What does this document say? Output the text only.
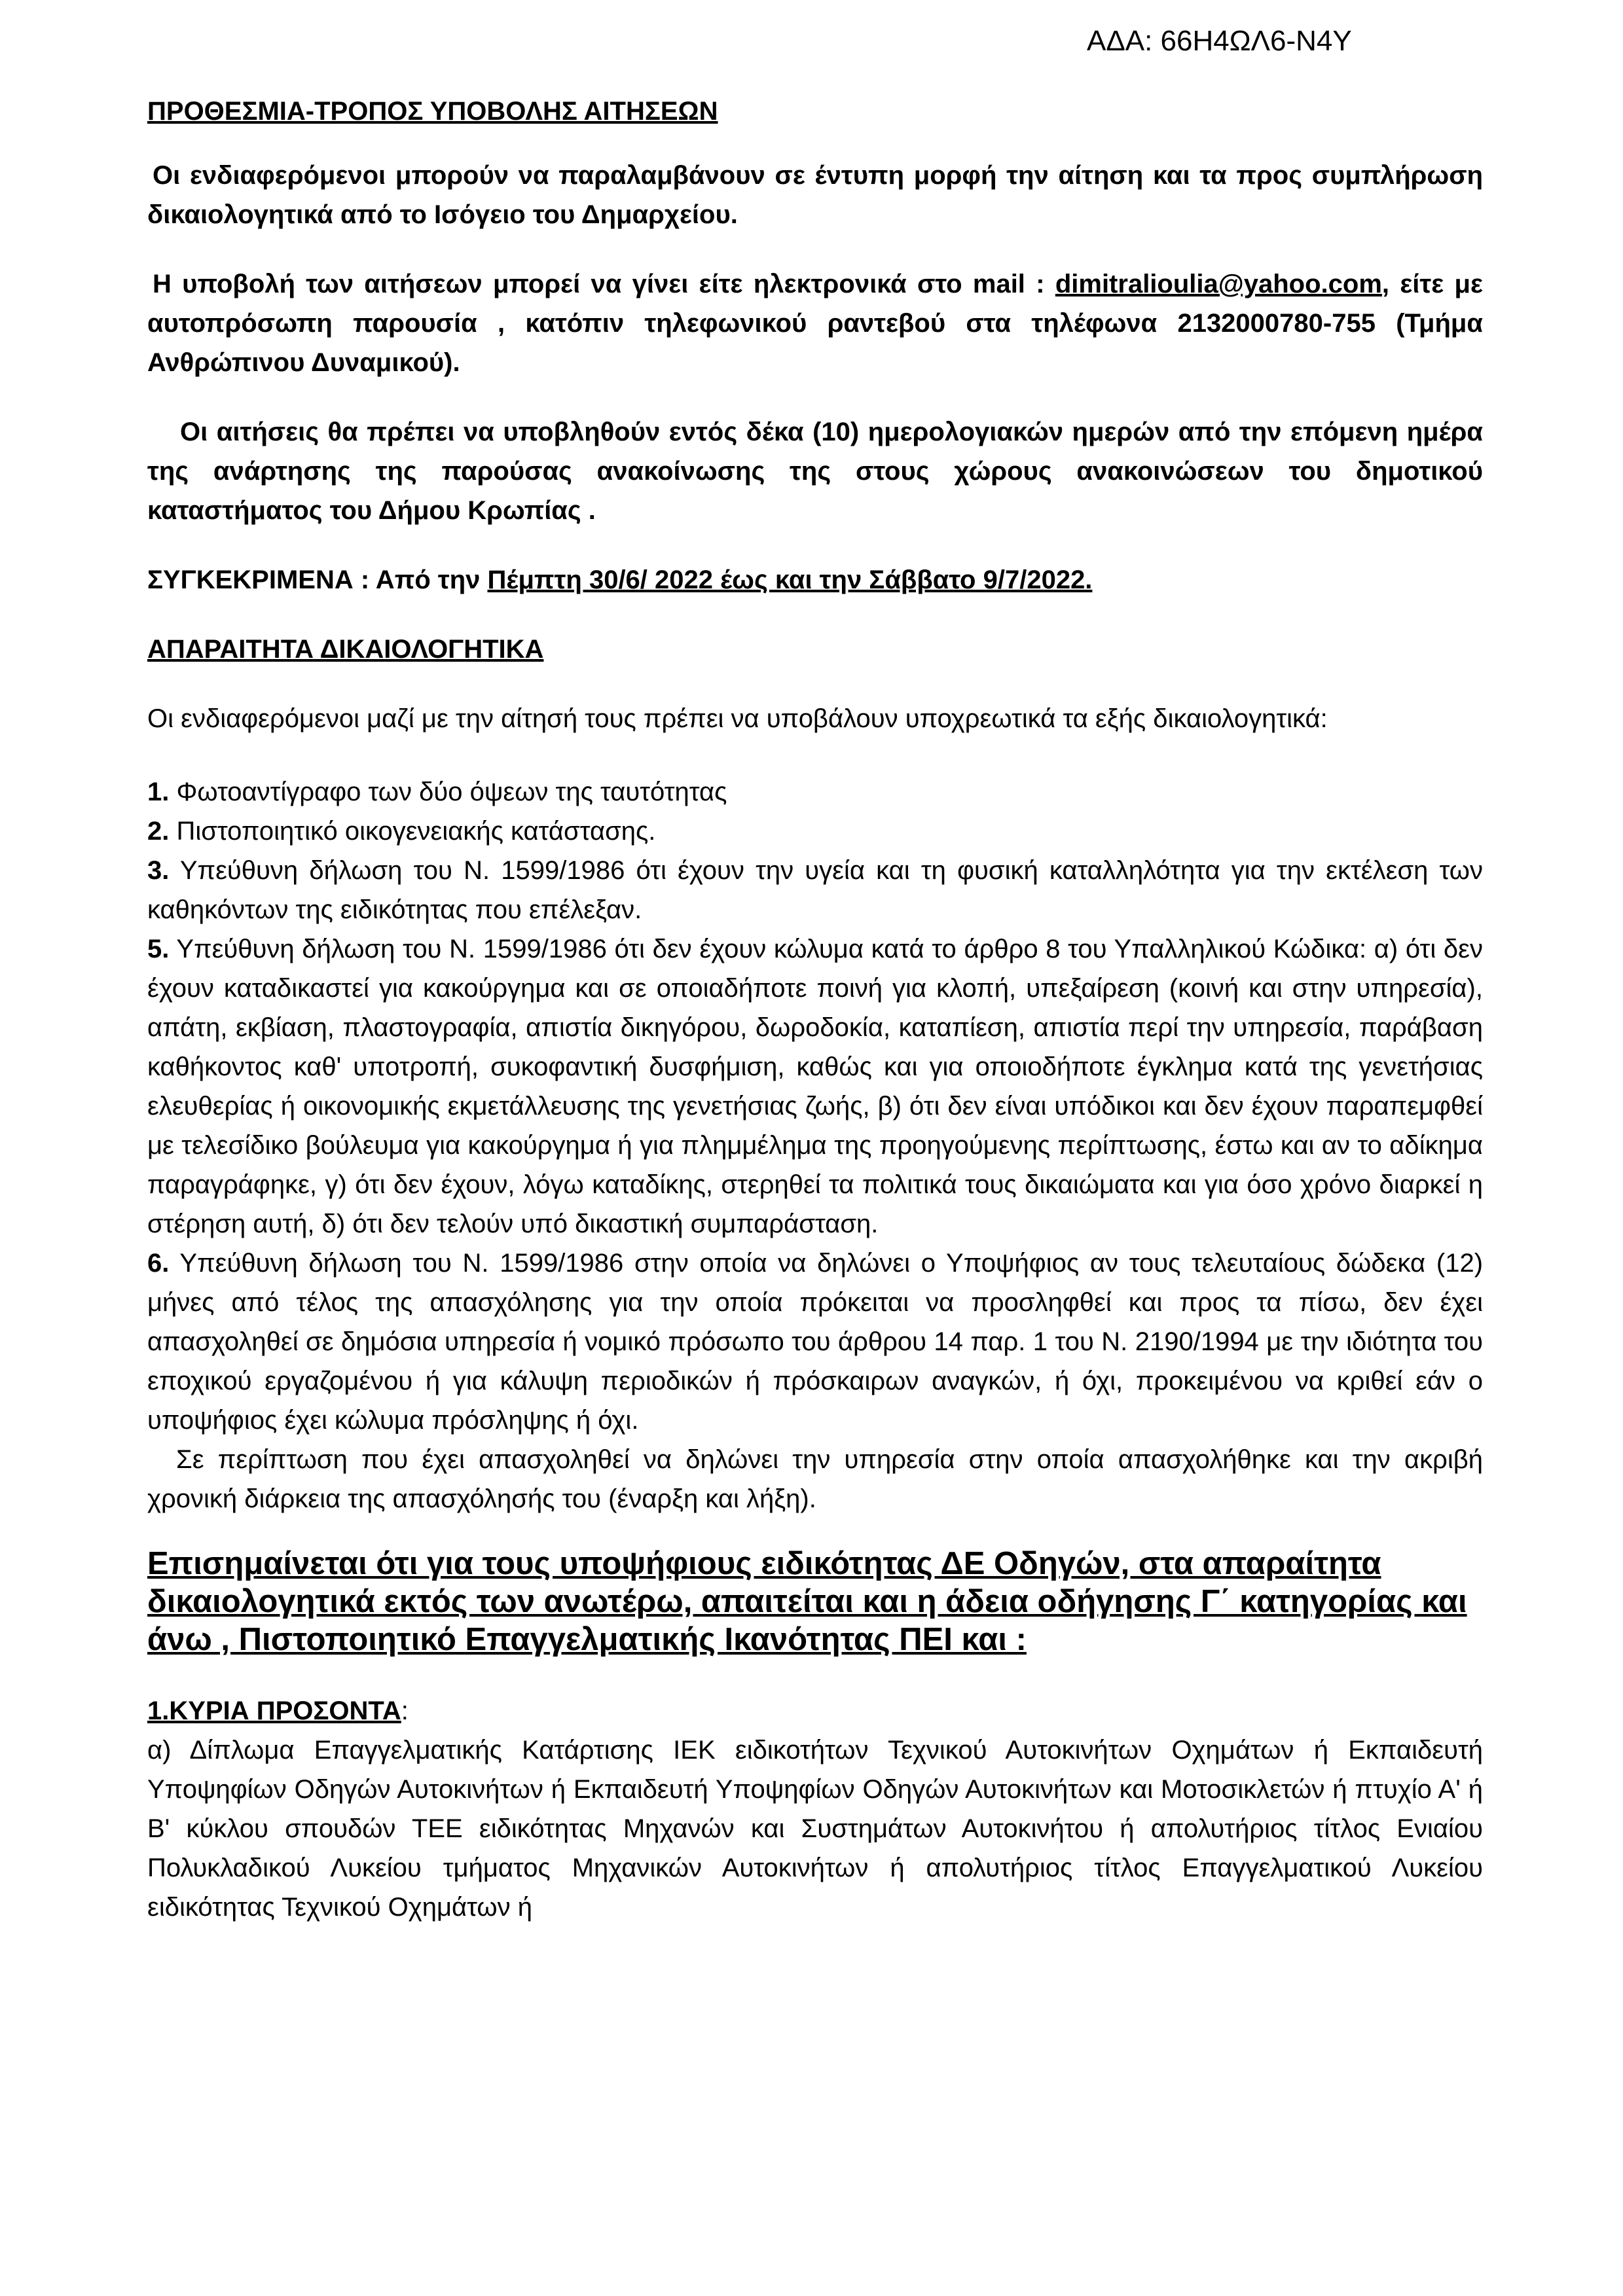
ΑΔΑ: 66Η4ΩΛ6-Ν4Υ

ΠΡΟΘΕΣΜΙΑ-ΤΡΟΠΟΣ ΥΠΟΒΟΛΗΣ ΑΙΤΗΣΕΩΝ

Οι ενδιαφερόμενοι μπορούν να παραλαμβάνουν σε έντυπη μορφή την αίτηση και τα προς συμπλήρωση δικαιολογητικά από το Ισόγειο του Δημαρχείου.

Η υποβολή των αιτήσεων μπορεί να γίνει είτε ηλεκτρονικά στο mail : dimitralioulia@yahoo.com, είτε με αυτοπρόσωπη παρουσία , κατόπιν τηλεφωνικού ραντεβού στα τηλέφωνα 2132000780-755 (Τμήμα Ανθρώπινου Δυναμικού).

Οι αιτήσεις θα πρέπει να υποβληθούν εντός δέκα (10) ημερολογιακών ημερών από την επόμενη ημέρα της ανάρτησης της παρούσας ανακοίνωσης της στους χώρους ανακοινώσεων του δημοτικού καταστήματος του Δήμου Κρωπίας .

ΣΥΓΚΕΚΡΙΜΕΝΑ : Από την Πέμπτη 30/6/ 2022 έως και την Σάββατο 9/7/2022.

ΑΠΑΡΑΙΤΗΤΑ ΔΙΚΑΙΟΛΟΓΗΤΙΚΑ

Οι ενδιαφερόμενοι μαζί με την αίτησή τους πρέπει να υποβάλουν υποχρεωτικά τα εξής δικαιολογητικά:

1. Φωτοαντίγραφο των δύο όψεων της ταυτότητας

2. Πιστοποιητικό οικογενειακής κατάστασης.

3. Υπεύθυνη δήλωση του Ν. 1599/1986 ότι έχουν την υγεία και τη φυσική καταλληλότητα για την εκτέλεση των καθηκόντων της ειδικότητας που επέλεξαν.

5. Υπεύθυνη δήλωση του Ν. 1599/1986 ότι δεν έχουν κώλυμα κατά το άρθρο 8 του Υπαλληλικού Κώδικα: α) ότι δεν έχουν καταδικαστεί για κακούργημα και σε οποιαδήποτε ποινή για κλοπή, υπεξαίρεση (κοινή και στην υπηρεσία), απάτη, εκβίαση, πλαστογραφία, απιστία δικηγόρου, δωροδοκία, καταπίεση, απιστία περί την υπηρεσία, παράβαση καθήκοντος καθ' υποτροπή, συκοφαντική δυσφήμιση, καθώς και για οποιοδήποτε έγκλημα κατά της γενετήσιας ελευθερίας ή οικονομικής εκμετάλλευσης της γενετήσιας ζωής, β) ότι δεν είναι υπόδικοι και δεν έχουν παραπεμφθεί με τελεσίδικο βούλευμα για κακούργημα ή για πλημμέλημα της προηγούμενης περίπτωσης, έστω και αν το αδίκημα παραγράφηκε, γ) ότι δεν έχουν, λόγω καταδίκης, στερηθεί τα πολιτικά τους δικαιώματα και για όσο χρόνο διαρκεί η στέρηση αυτή, δ) ότι δεν τελούν υπό δικαστική συμπαράσταση.

6. Υπεύθυνη δήλωση του Ν. 1599/1986 στην οποία να δηλώνει ο Υποψήφιος αν τους τελευταίους δώδεκα (12) μήνες από τέλος της απασχόλησης για την οποία πρόκειται να προσληφθεί και προς τα πίσω, δεν έχει απασχοληθεί σε δημόσια υπηρεσία ή νομικό πρόσωπο του άρθρου 14 παρ. 1 του Ν. 2190/1994 με την ιδιότητα του εποχικού εργαζομένου ή για κάλυψη περιοδικών ή πρόσκαιρων αναγκών, ή όχι, προκειμένου να κριθεί εάν ο υποψήφιος έχει κώλυμα πρόσληψης ή όχι.

Σε περίπτωση που έχει απασχοληθεί να δηλώνει την υπηρεσία στην οποία απασχολήθηκε και την ακριβή χρονική διάρκεια της απασχόλησής του (έναρξη και λήξη).

Επισημαίνεται ότι για τους υποψήφιους ειδικότητας ΔΕ Οδηγών, στα απαραίτητα δικαιολογητικά εκτός των ανωτέρω, απαιτείται και η άδεια οδήγησης Γ΄ κατηγορίας και άνω , Πιστοποιητικό Επαγγελματικής Ικανότητας ΠΕΙ και :

1.ΚΥΡΙΑ ΠΡΟΣΟΝΤΑ:

α) Δίπλωμα Επαγγελματικής Κατάρτισης ΙΕΚ ειδικοτήτων Τεχνικού Αυτοκινήτων Οχημάτων ή Εκπαιδευτή Υποψηφίων Οδηγών Αυτοκινήτων ή Εκπαιδευτή Υποψηφίων Οδηγών Αυτοκινήτων και Μοτοσικλετών ή πτυχίο Α' ή Β' κύκλου σπουδών ΤΕΕ ειδικότητας Μηχανών και Συστημάτων Αυτοκινήτου ή απολυτήριος τίτλος Ενιαίου Πολυκλαδικού Λυκείου τμήματος Μηχανικών Αυτοκινήτων ή απολυτήριος τίτλος Επαγγελματικού Λυκείου ειδικότητας Τεχνικού Οχημάτων ή
